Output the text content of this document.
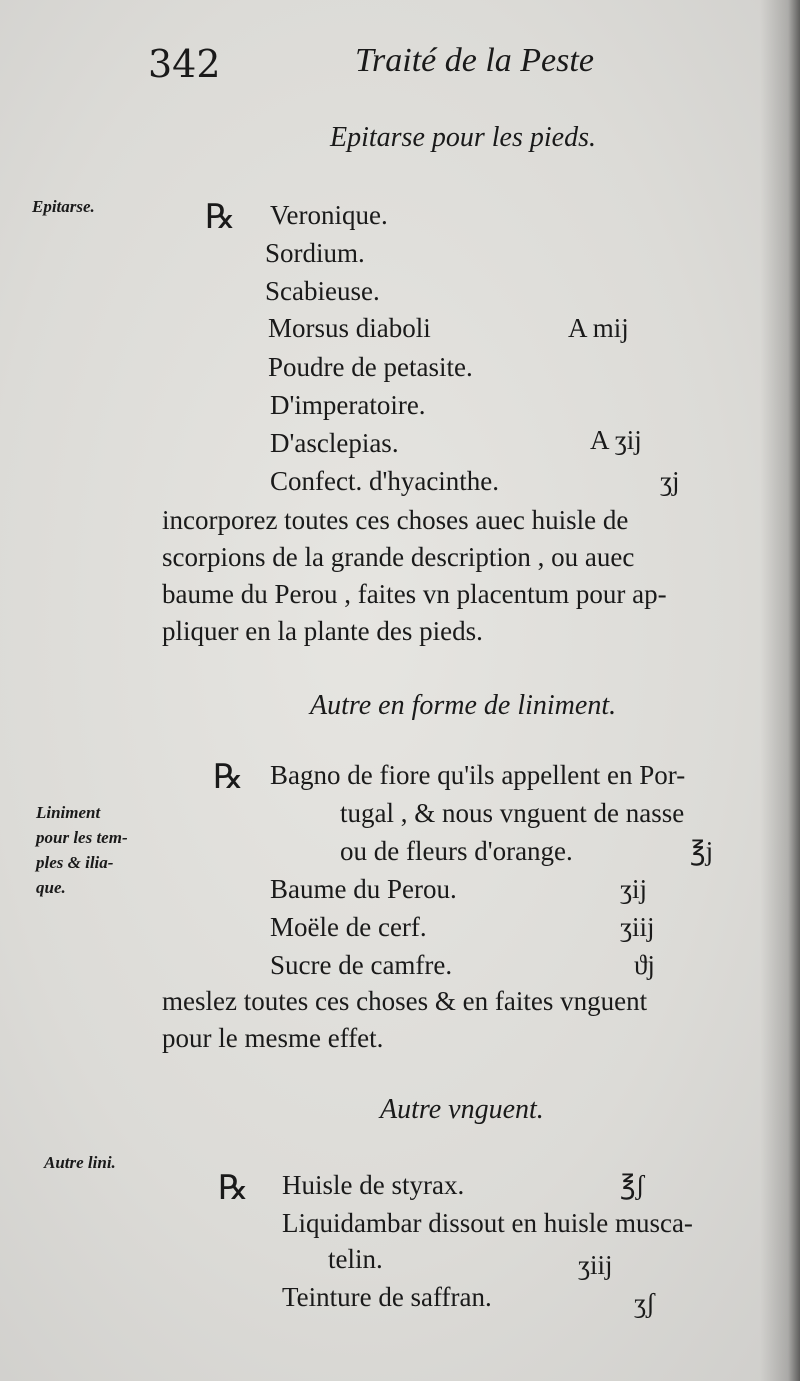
342	Traité de la Peste
Epitarse pour les pieds.
Epitarse.	℞ Veronique.
Sordium.
Scabieuse.
Morsus diaboli	A mij
Poudre de petasite.
D'imperatoire.
D'asclepias.	A ʒij
Confect. d'hyacinthe.	ʒj
incorporez toutes ces choses auec huisle de
scorpions de la grande description , ou auec
baume du Perou , faites vn placentum pour ap-
pliquer en la plante des pieds.
Autre en forme de liniment.
Liniment
pour les tem-
ples & ilia-
que.
℞ Bagno de fiore qu'ils appellent en Por-
tugal , & nous vnguent de nasse
ou de fleurs d'orange.	℥j
Baume du Perou.	ʒij
Moële de cerf.	ʒiij
Sucre de camfre.	ϑj
meslez toutes ces choses & en faites vnguent
pour le mesme effet.
Autre vnguent.
Autre lini.
℞ Huisle de styrax.	℥ʃ
Liquidambar dissout en huisle musca-
telin.	ʒiij
Teinture de saffran.	ʒʃ
